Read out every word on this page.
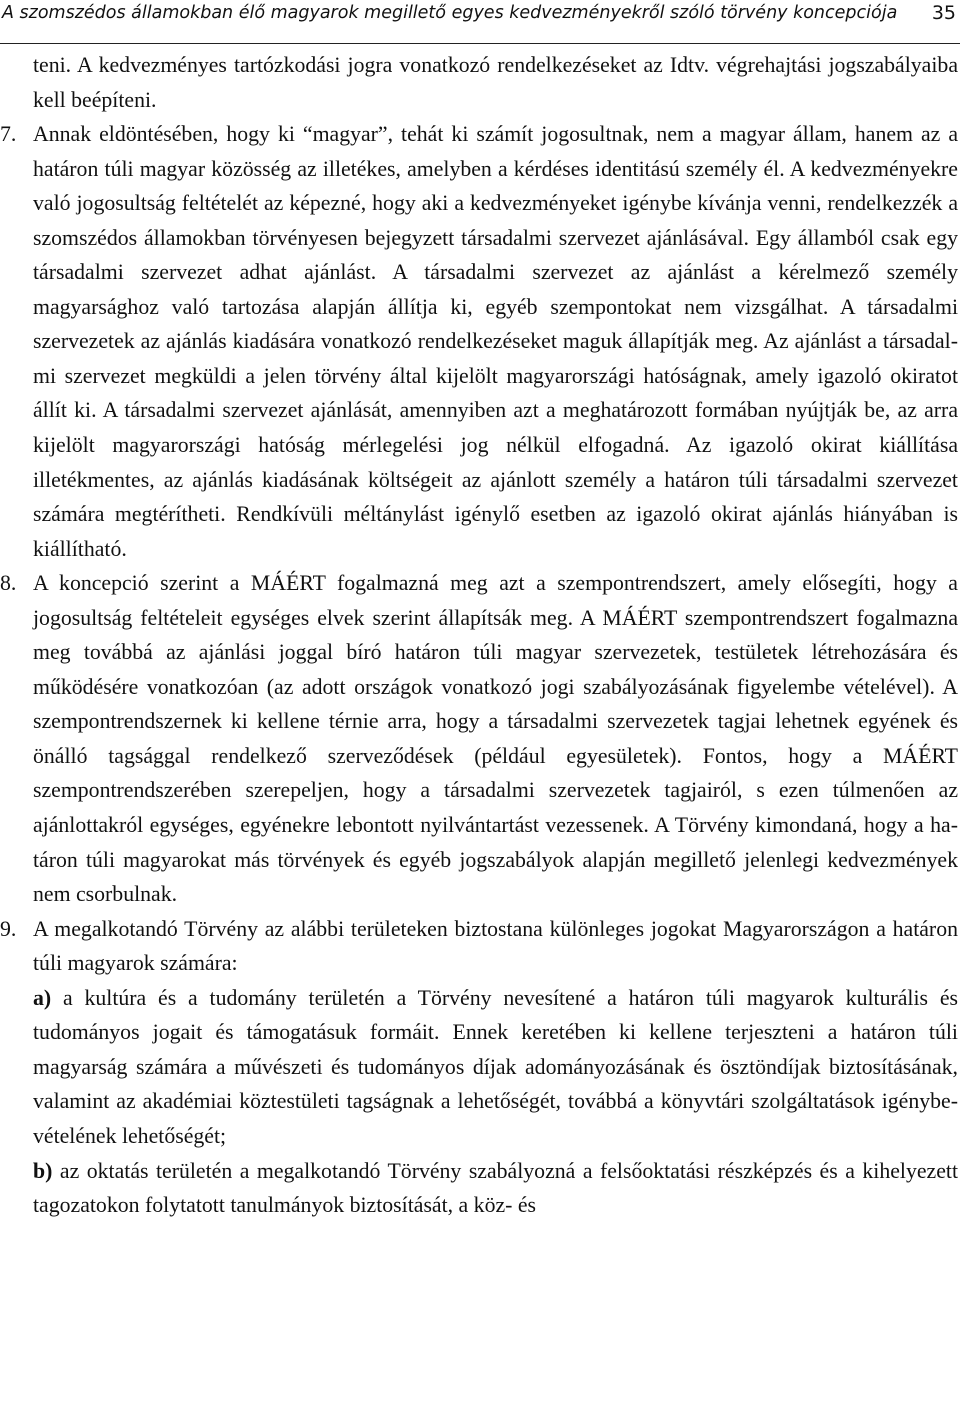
A szomszédos államokban élő magyarok megillető egyes kedvezményekről szóló törvény koncepciója 35

teni. A kedvezményes tartózkodási jogra vonatkozó rendelkezéseket az Idtv. végrehajtási jogszabályaiba kell beépíteni.

7. Annak eldöntésében, hogy ki “magyar”, tehát ki számít jogosultnak, nem a magyar állam, hanem az a határon túli magyar közösség az illetékes, amelyben a kérdéses identitású személy él. A kedvezményekre való jogosultság feltételét az képezné, hogy aki a kedvezményeket igénybe kívánja venni, rendelkezzék a szomszédos államokban törvényesen bejegyzett társadalmi szervezet ajánlásával. Egy államból csak egy társadalmi szervezet adhat ajánlást. A társadalmi szervezet az ajánlást a kérelmező személy magyarsághoz való tartozása alapján állítja ki, egyéb szempontokat nem vizsgálhat. A társadalmi szervezetek az ajánlás kiadására vonatkozó rendelkezéseket maguk állapítják meg. Az ajánlást a társadalmi szervezet megküldi a jelen törvény által kijelölt magyarországi hatóságnak, amely igazoló okiratot állít ki. A társadalmi szervezet ajánlását, amennyiben azt a meghatározott formában nyújtják be, az arra kijelölt magyarországi hatóság mérlegelési jog nélkül elfogadná. Az igazoló okirat kiállítása illetékmentes, az ajánlás kiadásának költségeit az ajánlott személy a határon túli társadalmi szervezet számára megtérítheti. Rendkívüli méltánylást igénylő esetben az igazoló okirat ajánlás hiányában is kiállítható.

8. A koncepció szerint a MÁÉRT fogalmazná meg azt a szempontrendszert, amely elősegíti, hogy a jogosultság feltételeit egységes elvek szerint állapítsák meg. A MÁÉRT szempontrendszert fogalmazna meg továbbá az ajánlási joggal bíró határon túli magyar szervezetek, testületek létrehozására és működésére vonatkozóan (az adott országok vonatkozó jogi szabályozásának figyelembe vételével). A szempontrendszernek ki kellene térnie arra, hogy a társadalmi szervezetek tagjai lehetnek egyének és önálló tagsággal rendelkező szerveződések (például egyesületek). Fontos, hogy a MÁÉRT szempontrendszerében szerepeljen, hogy a társadalmi szervezetek tagjairól, s ezen túlmenően az ajánlottakról egységes, egyénekre lebontott nyilvántartást vezessenek. A Törvény kimondaná, hogy a határon túli magyarokat más törvények és egyéb jogszabályok alapján megillető jelenlegi kedvezmények nem csorbulnak.

9. A megalkotandó Törvény az alábbi területeken biztostana különleges jogokat Magyarországon a határon túli magyarok számára:

a) a kultúra és a tudomány területén a Törvény nevesítené a határon túli magyarok kulturális és tudományos jogait és támogatásuk formáit. Ennek keretében ki kellene terjeszteni a határon túli magyarság számára a művészeti és tudományos díjak adományozásának és ösztöndíjak biztosításának, valamint az akadémiai köztestületi tagságnak a lehetőségét, továbbá a könyvtári szolgáltatások igénybevételének lehetőségét;

b) az oktatás területén a megalkotandó Törvény szabályozná a felsőoktatási részképzés és a kihelyezett tagozatokon folytatott tanulmányok biztosítását, a köz- és
